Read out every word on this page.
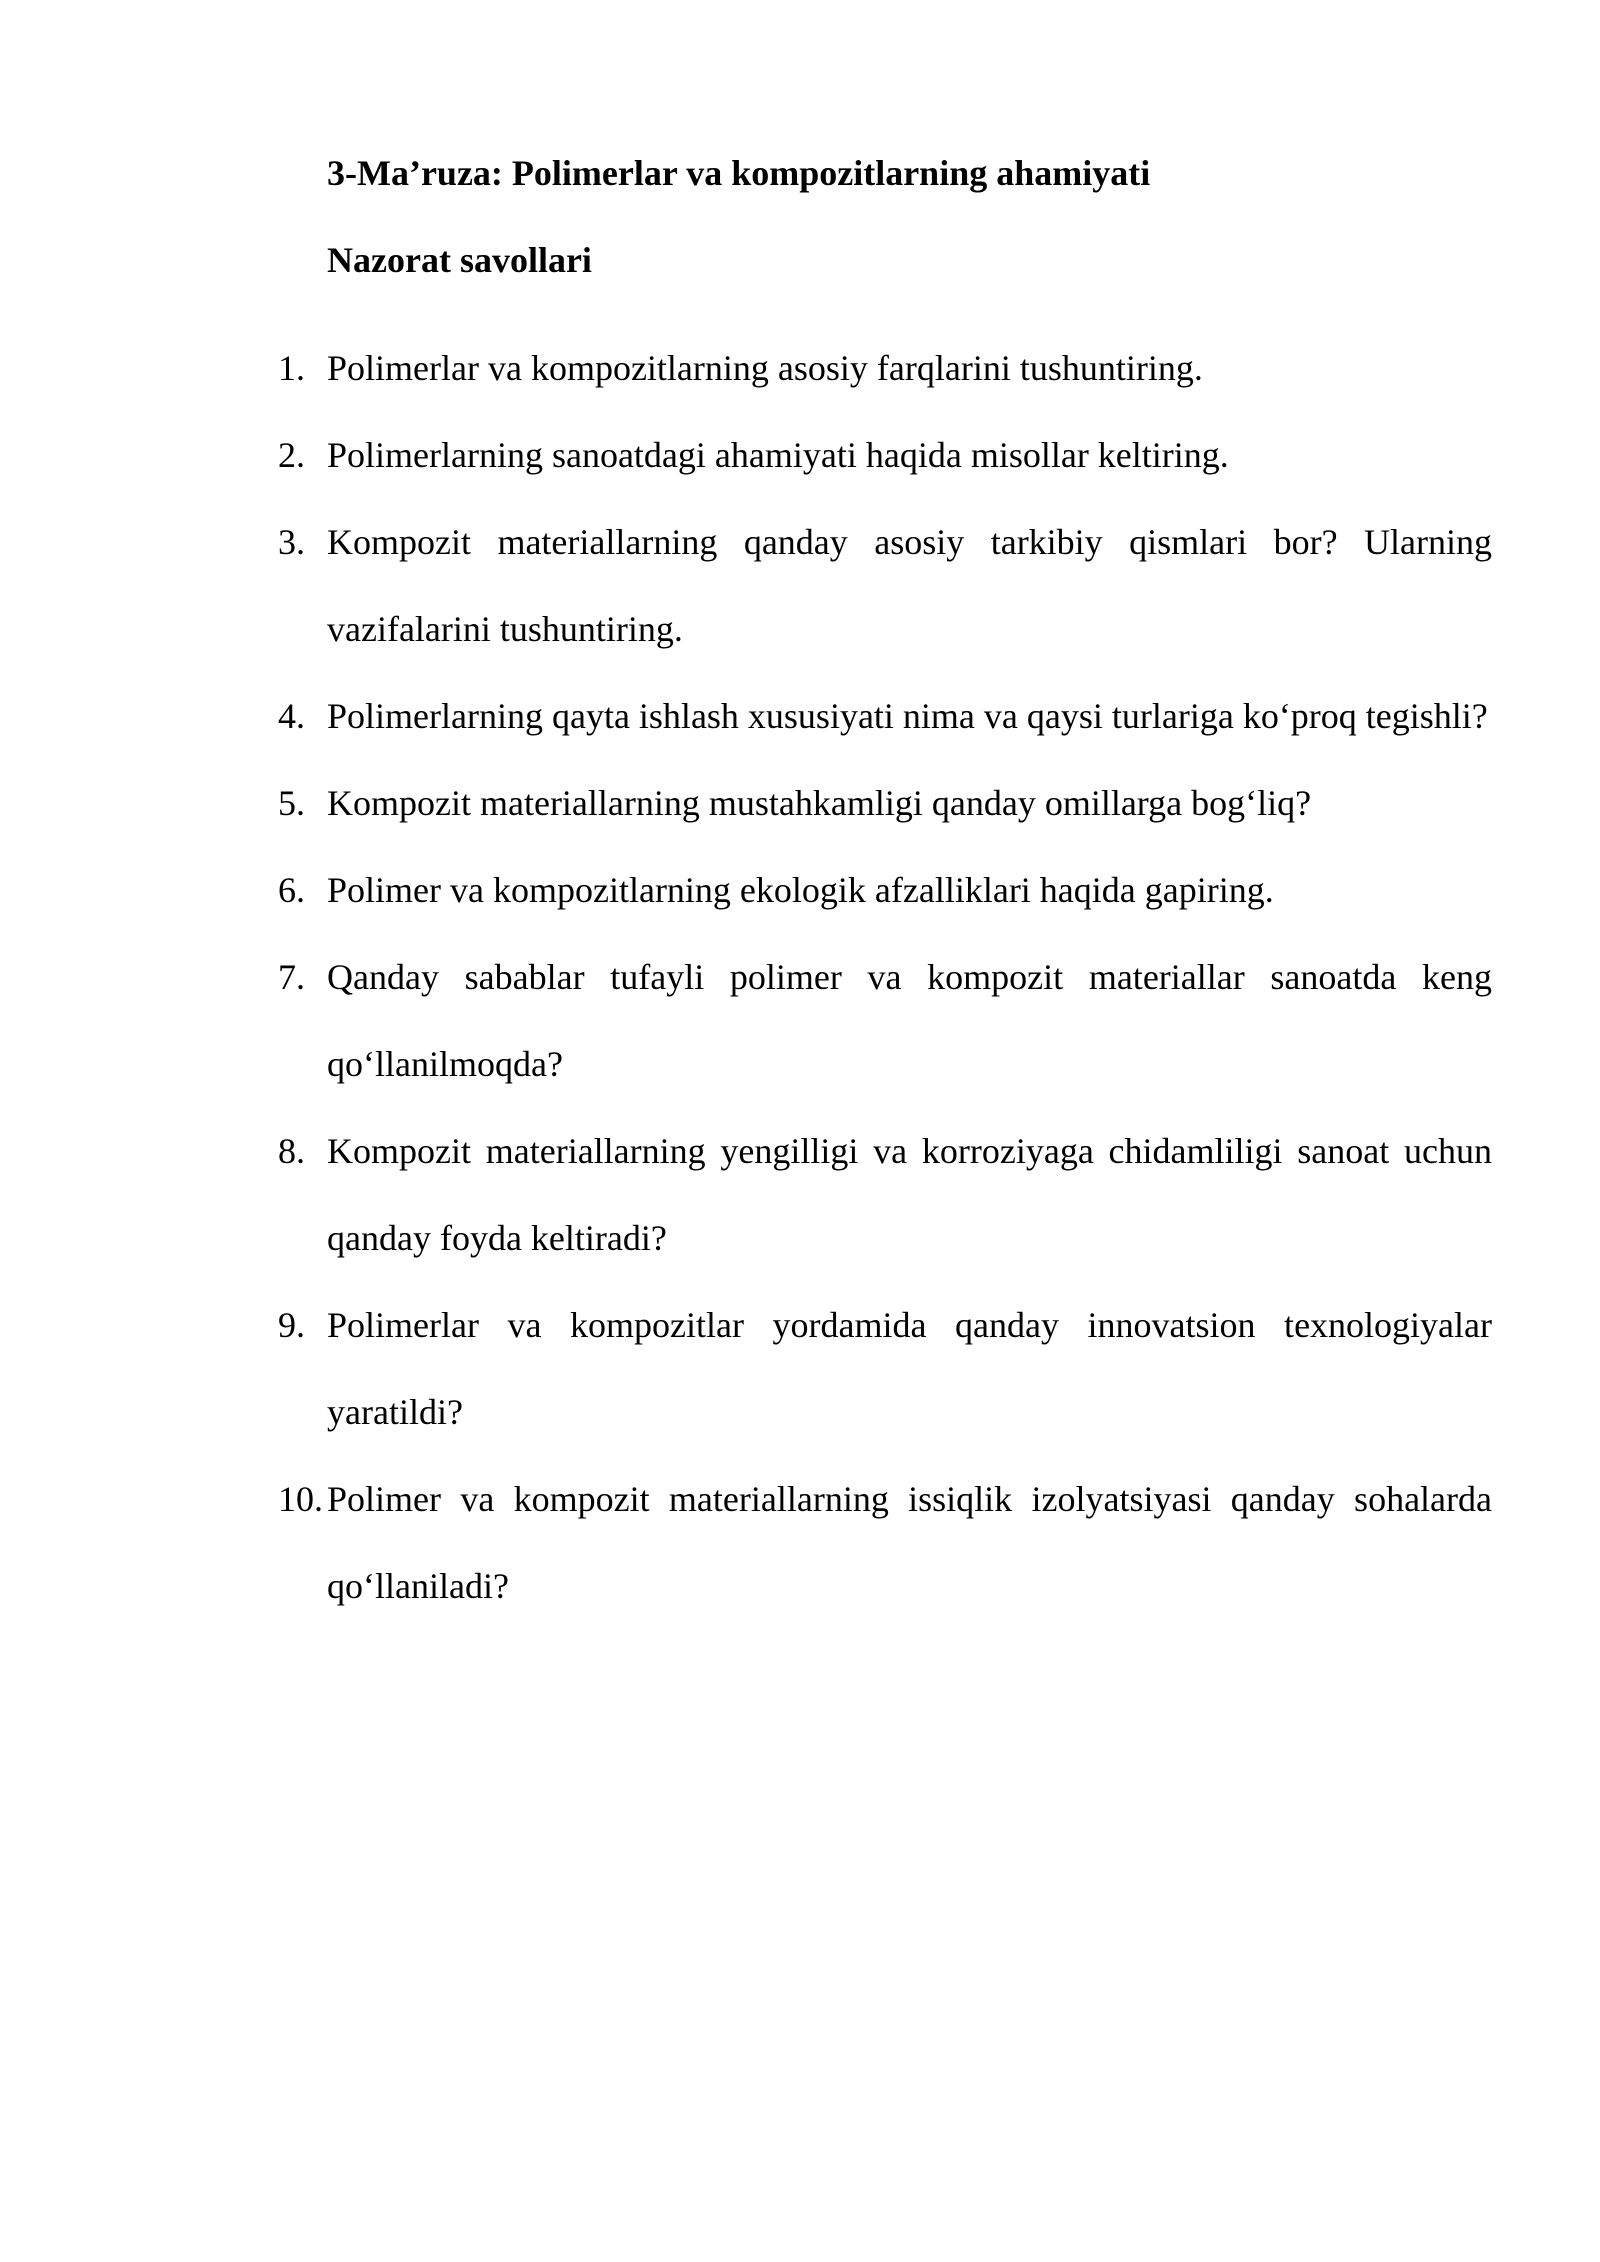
3-Ma’ruza: Polimerlar va kompozitlarning ahamiyati
Nazorat savollari
1. Polimerlar va kompozitlarning asosiy farqlarini tushuntiring.
2. Polimerlarning sanoatdagi ahamiyati haqida misollar keltiring.
3. Kompozit materiallarning qanday asosiy tarkibiy qismlari bor? Ularning vazifalarini tushuntiring.
4. Polimerlarning qayta ishlash xususiyati nima va qaysi turlariga ko‘proq tegishli?
5. Kompozit materiallarning mustahkamligi qanday omillarga bog‘liq?
6. Polimer va kompozitlarning ekologik afzalliklari haqida gapiring.
7. Qanday sabablar tufayli polimer va kompozit materiallar sanoatda keng qo‘llanilmoqda?
8. Kompozit materiallarning yengilligi va korroziyaga chidamliligi sanoat uchun qanday foyda keltiradi?
9. Polimerlar va kompozitlar yordamida qanday innovatsion texnologiyalar yaratildi?
10. Polimer va kompozit materiallarning issiqlik izolyatsiyasi qanday sohalarda qo‘llaniladi?
